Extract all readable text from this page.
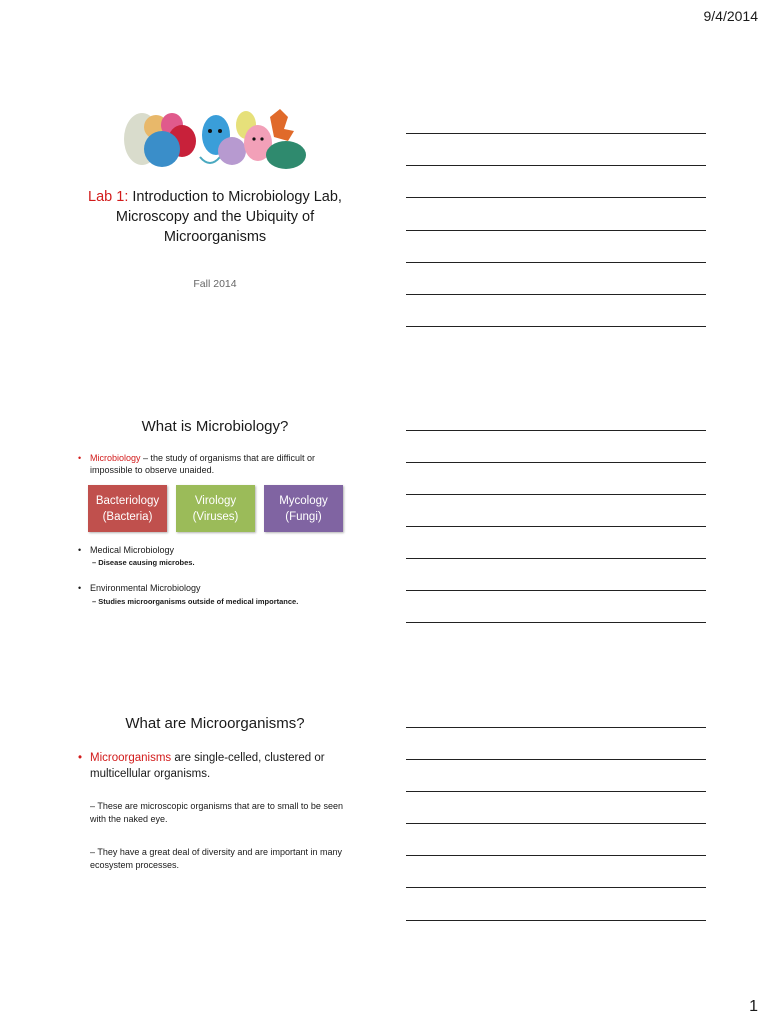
9/4/2014
Lab 1: Introduction to Microbiology Lab, Microscopy and the Ubiquity of Microorganisms
Fall 2014
What is Microbiology?
• Microbiology – the study of organisms that are difficult or impossible to observe unaided.
Bacteriology
(Bacteria)
Virology
(Viruses)
Mycology
(Fungi)
• Medical Microbiology
– Disease causing microbes.
• Environmental Microbiology
– Studies microorganisms outside of medical importance.
What are Microorganisms?
• Microorganisms are single-celled, clustered or multicellular organisms.
– These are microscopic organisms that are to small to be seen with the naked eye.
– They have a great deal of diversity and are important in many ecosystem processes.
1
